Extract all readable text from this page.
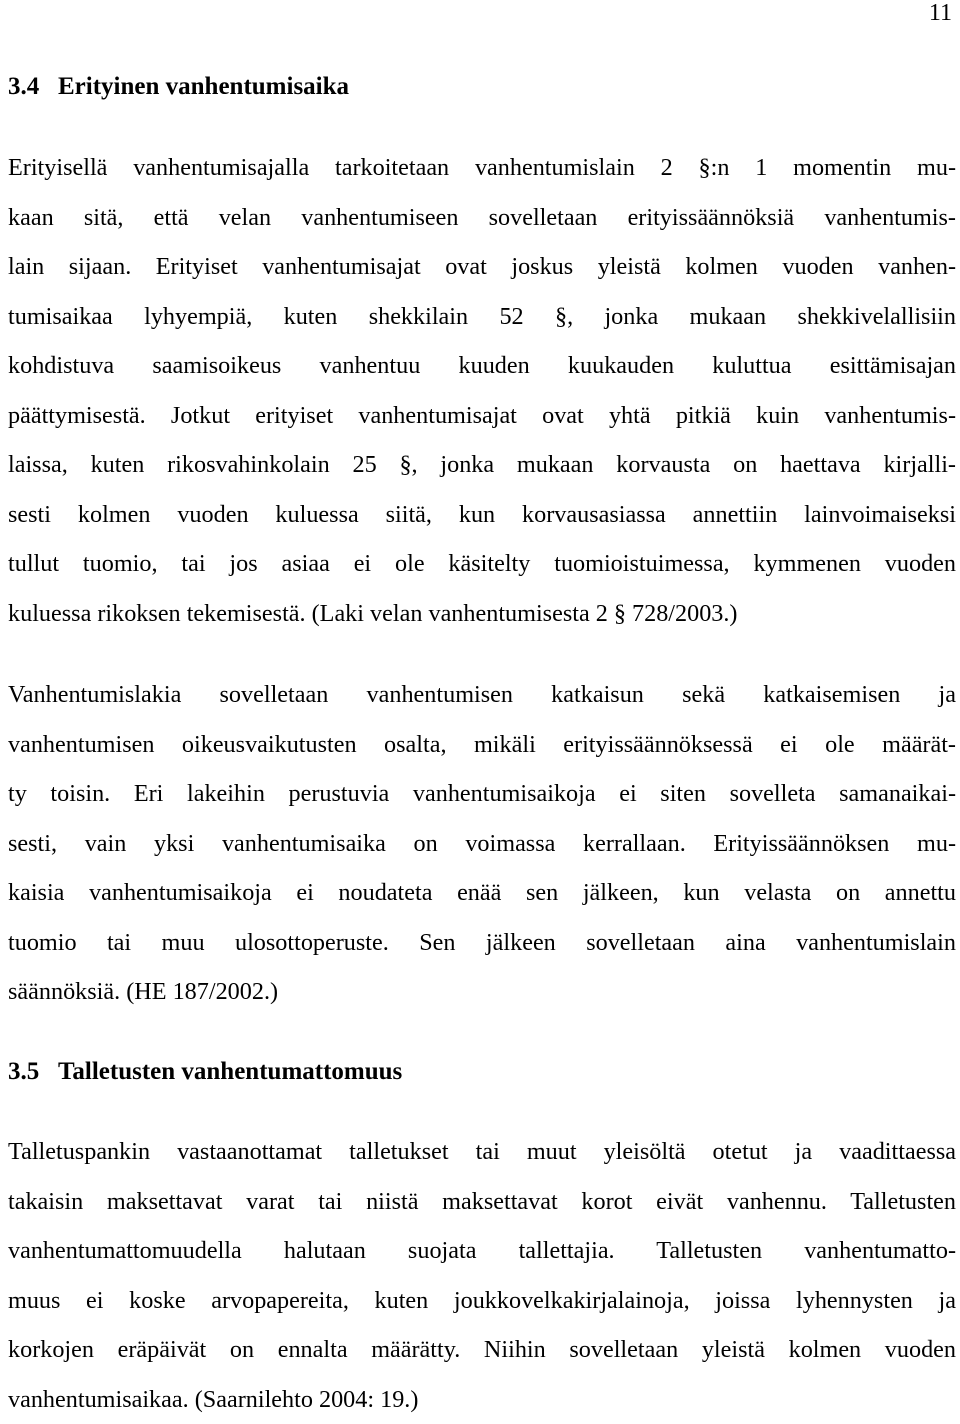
11
3.4 Erityinen vanhentumisaika
Erityisellä vanhentumisajalla tarkoitetaan vanhentumislain 2 §:n 1 momentin mu-
kaan sitä, että velan vanhentumiseen sovelletaan erityissäännöksiä vanhentumis-
lain sijaan. Erityiset vanhentumisajat ovat joskus yleistä kolmen vuoden vanhen-
tumisaikaa lyhyempiä, kuten shekkilain 52 §, jonka mukaan shekkivelallisiin
kohdistuva saamisoikeus vanhentuu kuuden kuukauden kuluttua esittämisajan
päättymisestä. Jotkut erityiset vanhentumisajat ovat yhtä pitkiä kuin vanhentumis-
laissa, kuten rikosvahinkolain 25 §, jonka mukaan korvausta on haettava kirjalli-
sesti kolmen vuoden kuluessa siitä, kun korvausasiassa annettiin lainvoimaiseksi
tullut tuomio, tai jos asiaa ei ole käsitelty tuomioistuimessa, kymmenen vuoden
kuluessa rikoksen tekemisestä. (Laki velan vanhentumisesta 2 § 728/2003.)
Vanhentumislakia sovelletaan vanhentumisen katkaisun sekä katkaisemisen ja
vanhentumisen oikeusvaikutusten osalta, mikäli erityissäännöksessä ei ole määrät-
ty toisin. Eri lakeihin perustuvia vanhentumisaikoja ei siten sovelleta samanaikai-
sesti, vain yksi vanhentumisaika on voimassa kerrallaan. Erityissäännöksen mu-
kaisia vanhentumisaikoja ei noudateta enää sen jälkeen, kun velasta on annettu
tuomio tai muu ulosottoperuste. Sen jälkeen sovelletaan aina vanhentumislain
säännöksiä. (HE 187/2002.)
3.5 Talletusten vanhentumattomuus
Talletuspankin vastaanottamat talletukset tai muut yleisöltä otetut ja vaadittaessa
takaisin maksettavat varat tai niistä maksettavat korot eivät vanhennu. Talletusten
vanhentumattomuudella halutaan suojata tallettajia. Talletusten vanhentumatto-
muus ei koske arvopapereita, kuten joukkovelkakirjalainoja, joissa lyhennysten ja
korkojen eräpäivät on ennalta määrätty. Niihin sovelletaan yleistä kolmen vuoden
vanhentumisaikaa. (Saarnilehto 2004: 19.)
